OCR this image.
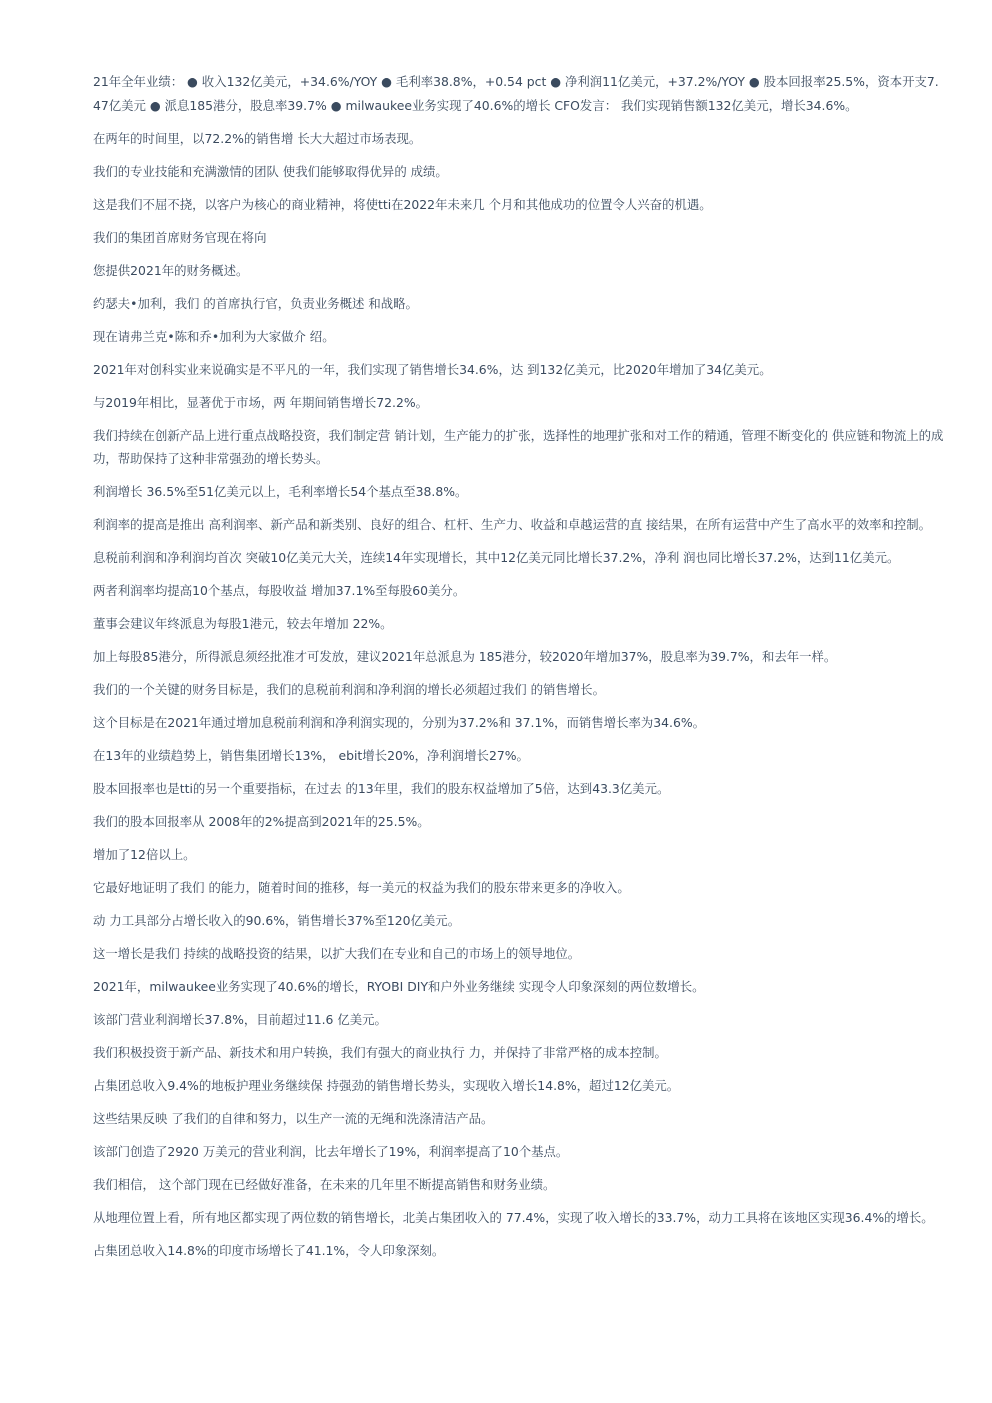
21年全年业绩： ● 收入132亿美元，+34.6%/YOY ● 毛利率38.8%，+0.54 pct ● 净利润11亿美元，+37.2%/YOY ● 股本回报率25.5%，资本开支7.47亿美元 ● 派息185港分，股息率39.7% ● milwaukee业务实现了40.6%的增长 CFO发言： 我们实现销售额132亿美元，增长34.6%。

在两年的时间里，以72.2%的销售增 长大大超过市场表现。

我们的专业技能和充满激情的团队 使我们能够取得优异的 成绩。

这是我们不屈不挠，以客户为核心的商业精神，将使tti在2022年未来几 个月和其他成功的位置令人兴奋的机遇。

我们的集团首席财务官现在将向

您提供2021年的财务概述。

约瑟夫•加利，我们 的首席执行官，负责业务概述 和战略。

现在请弗兰克•陈和乔•加利为大家做介 绍。

2021年对创科实业来说确实是不平凡的一年，我们实现了销售增长34.6%，达 到132亿美元，比2020年增加了34亿美元。

与2019年相比，显著优于市场，两 年期间销售增长72.2%。

我们持续在创新产品上进行重点战略投资，我们制定营 销计划，生产能力的扩张，选择性的地理扩张和对工作的精通，管理不断变化的 供应链和物流上的成功，帮助保持了这种非常强劲的增长势头。

利润增长 36.5%至51亿美元以上，毛利率增长54个基点至38.8%。

利润率的提高是推出 高利润率、新产品和新类别、良好的组合、杠杆、生产力、收益和卓越运营的直 接结果，在所有运营中产生了高水平的效率和控制。

息税前利润和净利润均首次 突破10亿美元大关，连续14年实现增长，其中12亿美元同比增长37.2%，净利 润也同比增长37.2%，达到11亿美元。

两者利润率均提高10个基点，每股收益 增加37.1%至每股60美分。

董事会建议年终派息为每股1港元，较去年增加 22%。

加上每股85港分，所得派息须经批准才可发放，建议2021年总派息为 185港分，较2020年增加37%，股息率为39.7%，和去年一样。

我们的一个关键的财务目标是，我们的息税前利润和净利润的增长必须超过我们 的销售增长。

这个目标是在2021年通过增加息税前利润和净利润实现的，分别为37.2%和 37.1%，而销售增长率为34.6%。

在13年的业绩趋势上，销售集团增长13%， ebit增长20%，净利润增长27%。

股本回报率也是tti的另一个重要指标，在过去 的13年里，我们的股东权益增加了5倍，达到43.3亿美元。

我们的股本回报率从 2008年的2%提高到2021年的25.5%。

增加了12倍以上。

它最好地证明了我们 的能力，随着时间的推移，每一美元的权益为我们的股东带来更多的净收入。

动 力工具部分占增长收入的90.6%，销售增长37%至120亿美元。

这一增长是我们 持续的战略投资的结果，以扩大我们在专业和自己的市场上的领导地位。

2021年，milwaukee业务实现了40.6%的增长，RYOBI DIY和户外业务继续 实现令人印象深刻的两位数增长。

该部门营业利润增长37.8%，目前超过11.6 亿美元。

我们积极投资于新产品、新技术和用户转换，我们有强大的商业执行 力，并保持了非常严格的成本控制。

占集团总收入9.4%的地板护理业务继续保 持强劲的销售增长势头，实现收入增长14.8%，超过12亿美元。

这些结果反映 了我们的自律和努力，以生产一流的无绳和洗涤清洁产品。

该部门创造了2920 万美元的营业利润，比去年增长了19%，利润率提高了10个基点。

我们相信， 这个部门现在已经做好准备，在未来的几年里不断提高销售和财务业绩。

从地理位置上看，所有地区都实现了两位数的销售增长，北美占集团收入的 77.4%，实现了收入增长的33.7%，动力工具将在该地区实现36.4%的增长。

占集团总收入14.8%的印度市场增长了41.1%，令人印象深刻。
